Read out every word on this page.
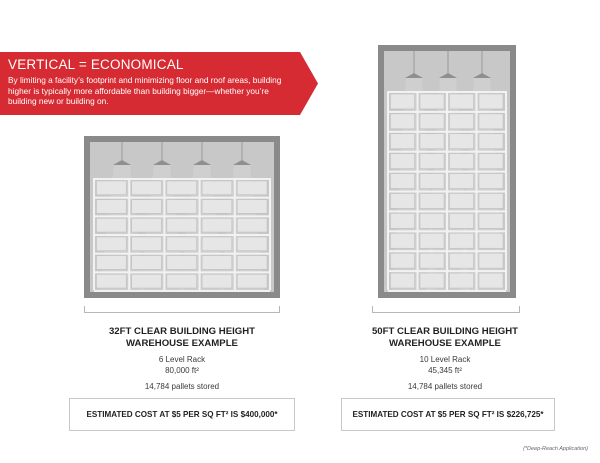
VERTICAL = ECONOMICAL
By limiting a facility’s footprint and minimizing floor and roof areas, building higher is typically more affordable than building bigger—whether you’re building new or building on.
32FT CLEAR BUILDING HEIGHT
WAREHOUSE EXAMPLE
6 Level Rack
80,000 ft²
14,784 pallets stored
ESTIMATED COST AT $5 PER SQ FT² IS $400,000*
50FT CLEAR BUILDING HEIGHT
WAREHOUSE EXAMPLE
10 Level Rack
45,345 ft²
14,784 pallets stored
ESTIMATED COST AT $5 PER SQ FT² IS $226,725*
(*Deep-Reach Application)
